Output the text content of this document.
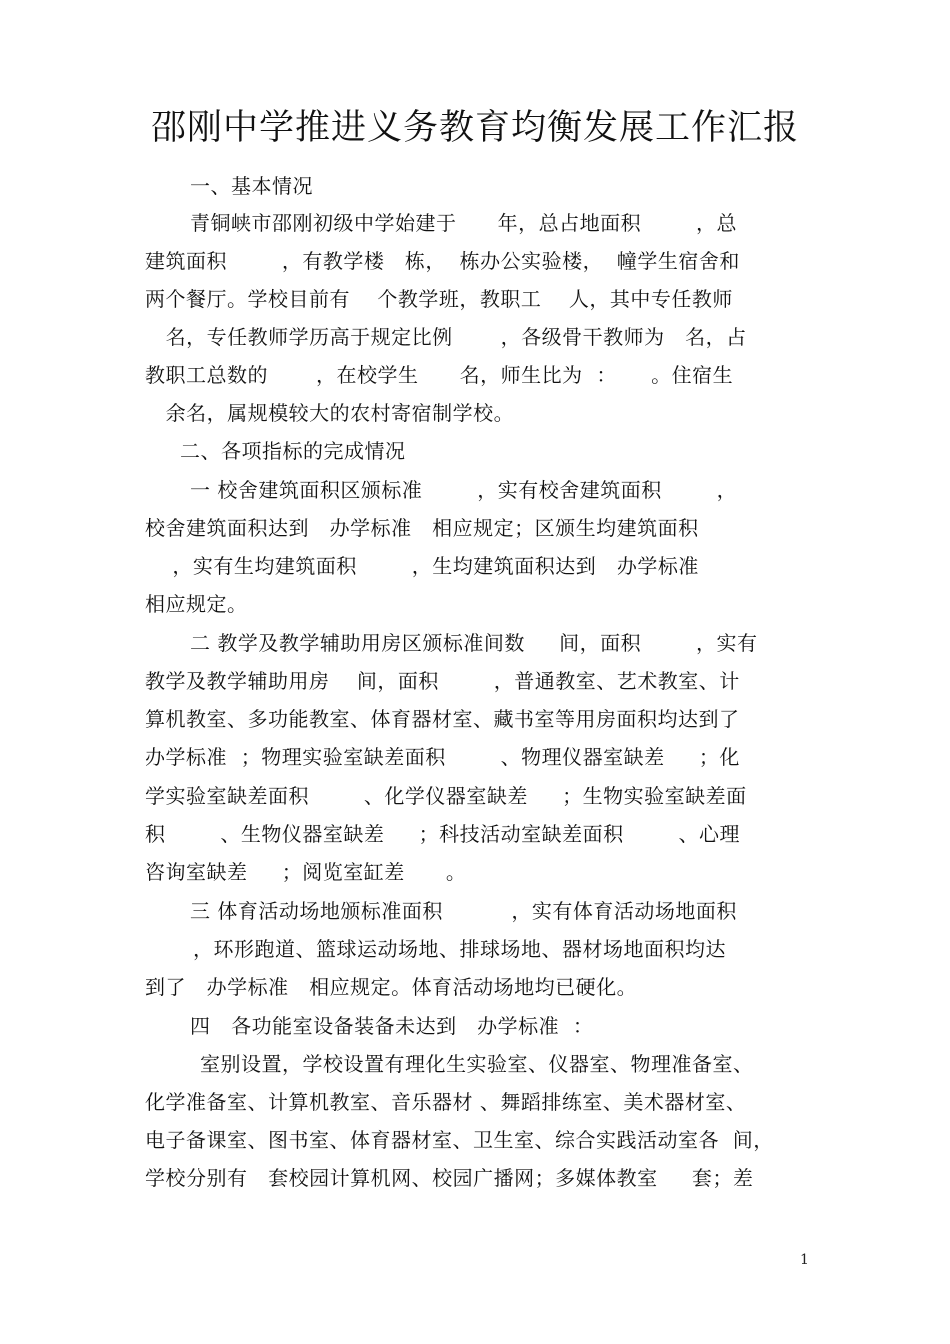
邵刚中学推进义务教育均衡发展工作汇报
一、基本情况
青铜峡市邵刚初级中学始建于      年，总占地面积        ，总
建筑面积        ，有教学楼   栋，  栋办公实验楼，  幢学生宿舍和
两个餐厅。学校目前有    个教学班，教职工    人，其中专任教师
名，专任教师学历高于规定比例       ，各级骨干教师为   名，占
教职工总数的       ，在校学生      名，师生比为  ：     。住宿生
余名，属规模较大的农村寄宿制学校。
二、各项指标的完成情况
一 校舍建筑面积区颁标准        ，实有校舍建筑面积        ，
校舍建筑面积达到   办学标准   相应规定；区颁生均建筑面积
，实有生均建筑面积        ，生均建筑面积达到   办学标准
相应规定。
二 教学及教学辅助用房区颁标准间数     间，面积        ，实有
教学及教学辅助用房    间，面积        ，普通教室、艺术教室、计
算机教室、多功能教室、体育器材室、藏书室等用房面积均达到了
办学标准  ；物理实验室缺差面积        、物理仪器室缺差     ；化
学实验室缺差面积        、化学仪器室缺差     ；生物实验室缺差面
积        、生物仪器室缺差     ；科技活动室缺差面积        、心理
咨询室缺差     ；阅览室缸差      。
三 体育活动场地颁标准面积          ，实有体育活动场地面积
，环形跑道、篮球运动场地、排球场地、器材场地面积均达
到了   办学标准   相应规定。体育活动场地均已硬化。
四   各功能室设备装备未达到   办学标准  ：
室别设置，学校设置有理化生实验室、仪器室、物理准备室、
化学准备室、计算机教室、音乐器材 、舞蹈排练室、美术器材室、
电子备课室、图书室、体育器材室、卫生室、综合实践活动室各  间，
学校分别有   套校园计算机网、校园广播网；多媒体教室     套；差
1
